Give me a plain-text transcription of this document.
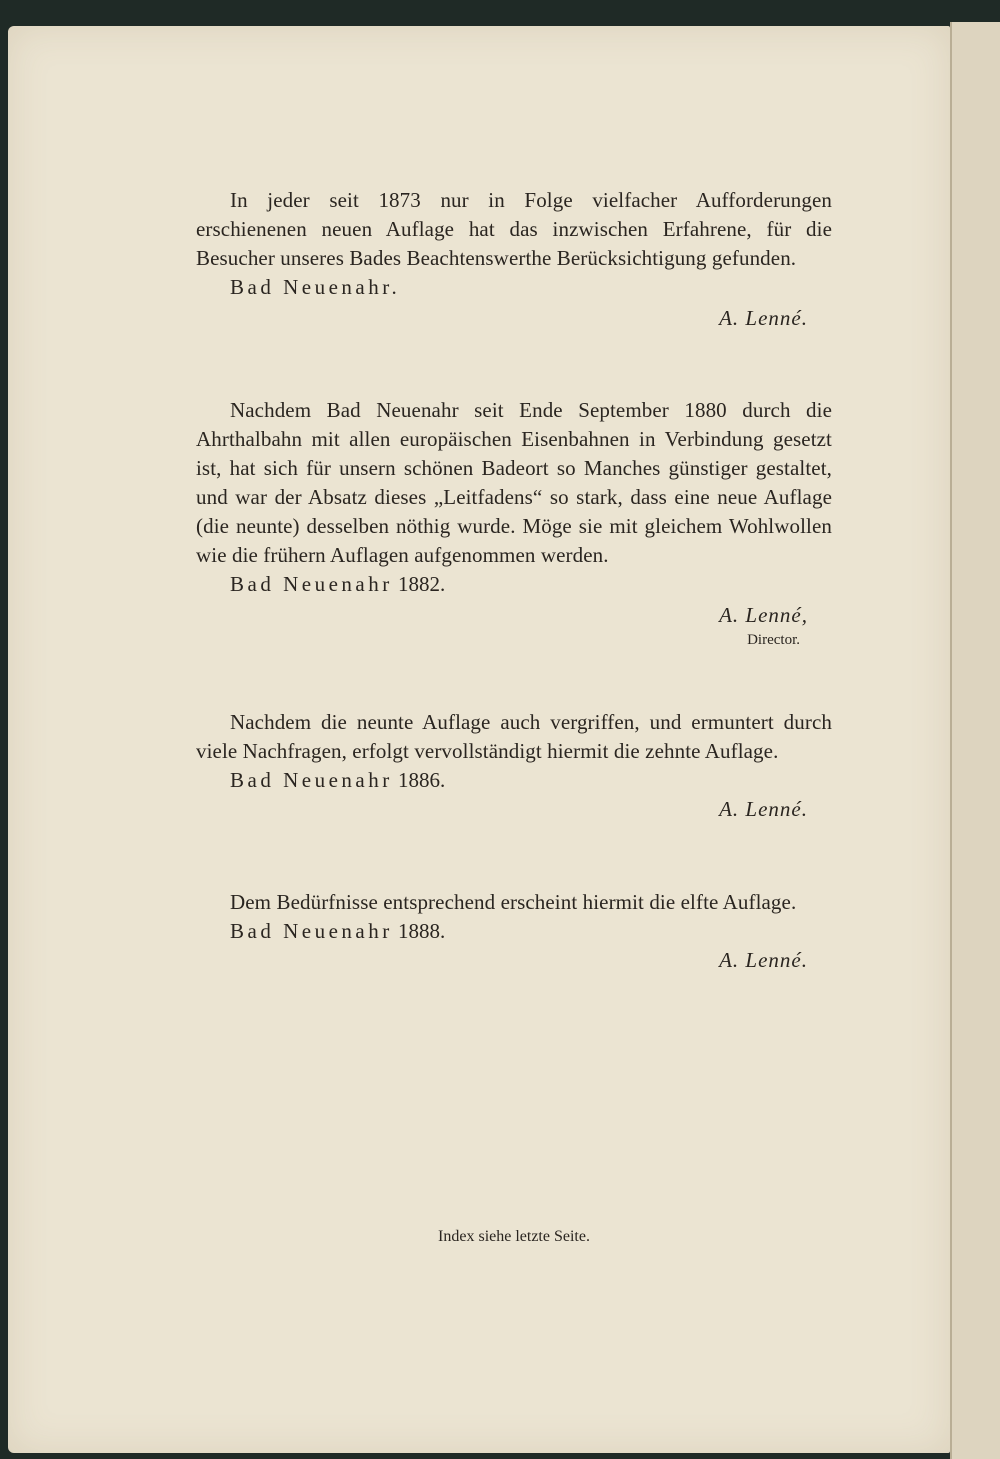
In jeder seit 1873 nur in Folge vielfacher Aufforderungen erschienenen neuen Auflage hat das inzwischen Erfahrene, für die Besucher unseres Bades Beachtenswerthe Berücksichtigung gefunden.

Bad Neuenahr.

A. Lenné.

Nachdem Bad Neuenahr seit Ende September 1880 durch die Ahrthalbahn mit allen europäischen Eisenbahnen in Verbindung gesetzt ist, hat sich für unsern schönen Badeort so Manches günstiger gestaltet, und war der Absatz dieses „Leitfadens“ so stark, dass eine neue Auflage (die neunte) desselben nöthig wurde. Möge sie mit gleichem Wohlwollen wie die frühern Auflagen aufgenommen werden.

Bad Neuenahr 1882.

A. Lenné,

Director.

Nachdem die neunte Auflage auch vergriffen, und ermuntert durch viele Nachfragen, erfolgt vervollständigt hiermit die zehnte Auflage.

Bad Neuenahr 1886.

A. Lenné.

Dem Bedürfnisse entsprechend erscheint hiermit die elfte Auflage.

Bad Neuenahr 1888.

A. Lenné.

Index siehe letzte Seite.
